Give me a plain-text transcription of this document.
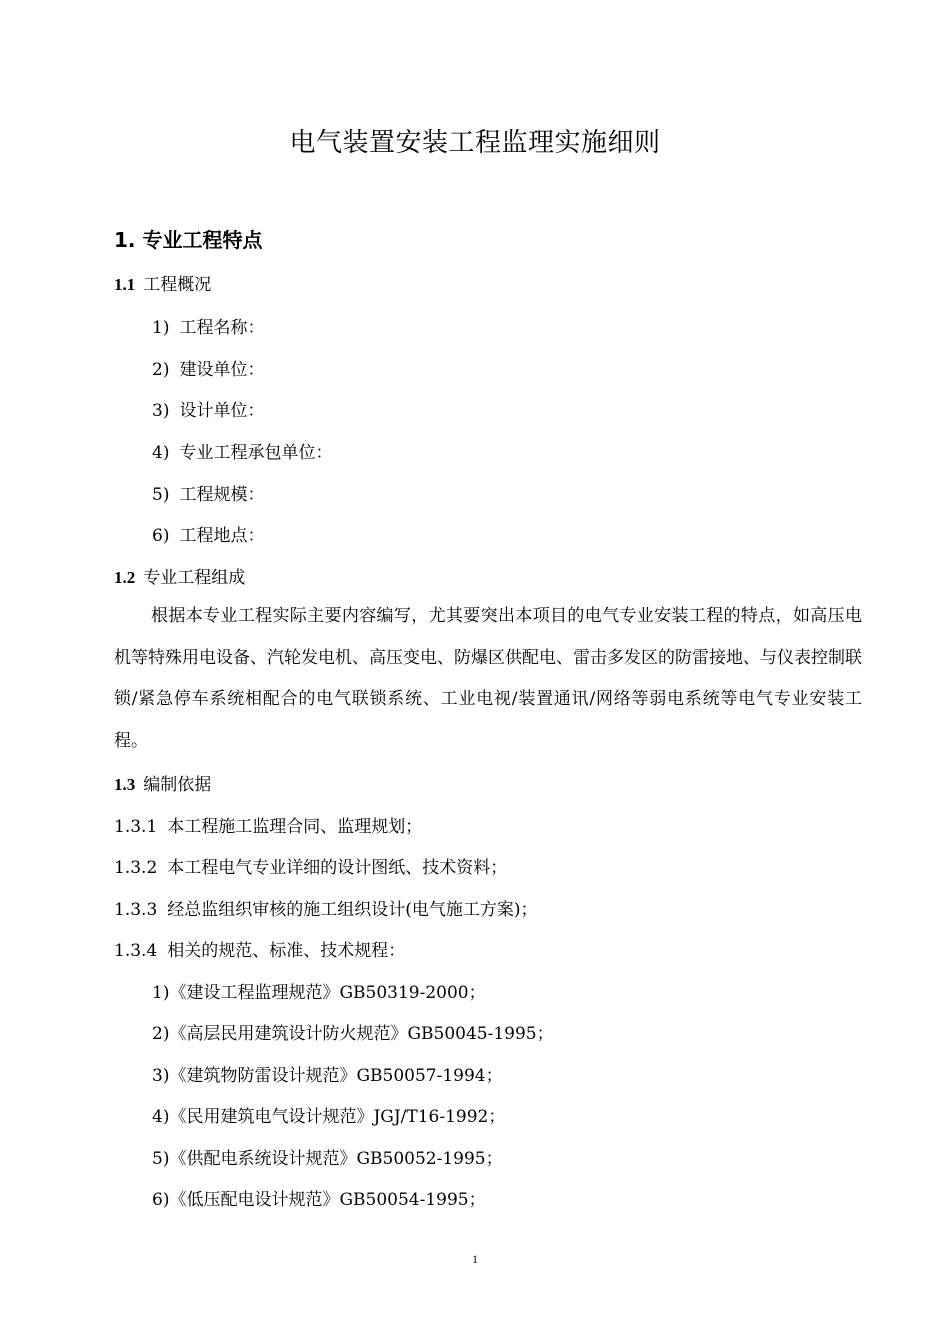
电气装置安装工程监理实施细则
1. 专业工程特点
1.1 工程概况
1) 工程名称：
2) 建设单位：
3) 设计单位：
4) 专业工程承包单位：
5) 工程规模：
6) 工程地点：
1.2 专业工程组成
根据本专业工程实际主要内容编写，尤其要突出本项目的电气专业安装工程的特点，如高压电机等特殊用电设备、汽轮发电机、高压变电、防爆区供配电、雷击多发区的防雷接地、与仪表控制联锁/紧急停车系统相配合的电气联锁系统、工业电视/装置通讯/网络等弱电系统等电气专业安装工程。
1.3 编制依据
1.3.1 本工程施工监理合同、监理规划；
1.3.2 本工程电气专业详细的设计图纸、技术资料；
1.3.3 经总监组织审核的施工组织设计(电气施工方案)；
1.3.4 相关的规范、标准、技术规程：
1)《建设工程监理规范》GB50319-2000；
2)《高层民用建筑设计防火规范》GB50045-1995；
3)《建筑物防雷设计规范》GB50057-1994；
4)《民用建筑电气设计规范》JGJ/T16-1992；
5)《供配电系统设计规范》GB50052-1995；
6)《低压配电设计规范》GB50054-1995；
1
